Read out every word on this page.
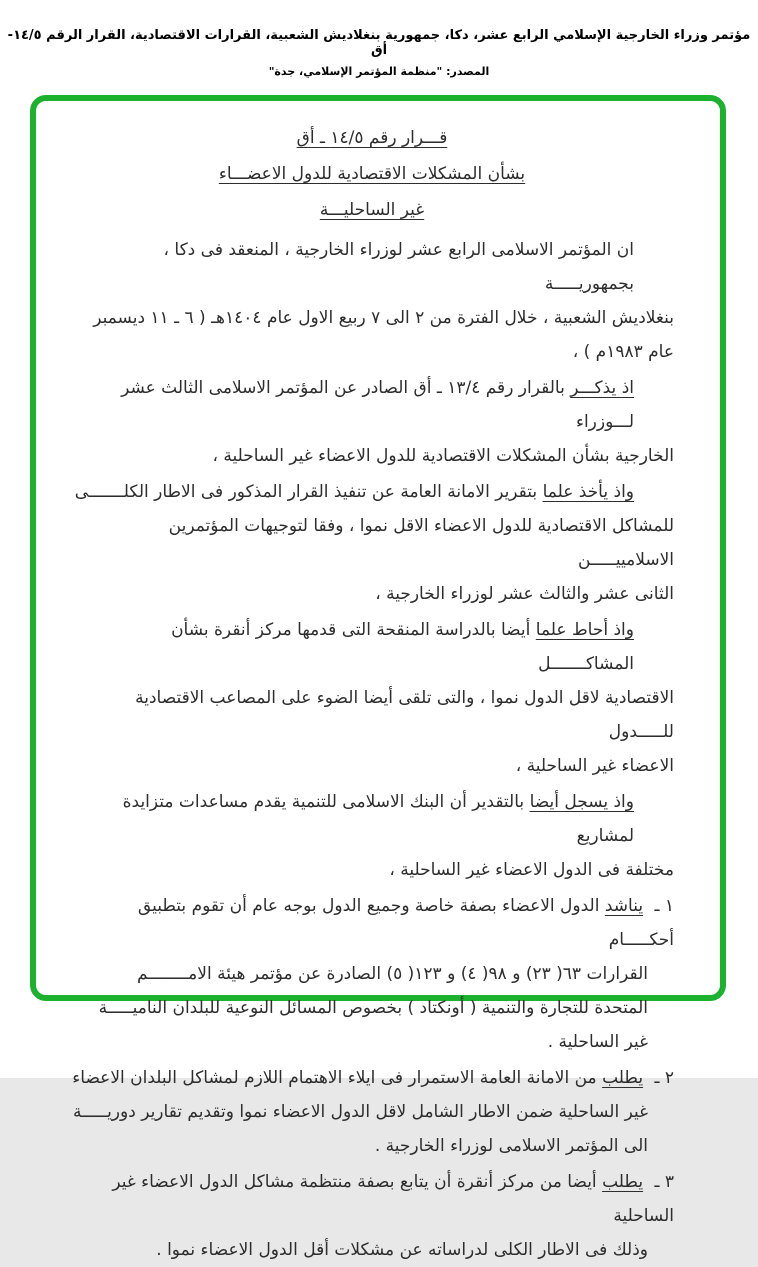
مؤتمر وزراء الخارجية الإسلامي الرابع عشر، دكا، جمهورية بنغلاديش الشعبية، القرارات الاقتصادية، القرار الرقم ١٤/٥-أق
المصدر: "منظمة المؤتمر الإسلامي، جدة"
قـــرار رقم ١٤/٥ ـ أق
بشأن المشكلات الاقتصادية للدول الاعضـــاء
غير الساحليـــة
ان المؤتمر الاسلامى الرابع عشر لوزراء الخارجية ، المنعقد فى دكا ، بجمهوريـــــة
بنغلاديش الشعبية ، خلال الفترة من ٢ الى ٧ ربيع الاول عام ١٤٠٤هـ ( ٦ ـ ١١ ديسمبر
عام ١٩٨٣م ) ،
اذ يذكـــر بالقرار رقم ١٣/٤ ـ أق الصادر عن المؤتمر الاسلامى الثالث عشر لـــوزراء
الخارجية بشأن المشكلات الاقتصادية للدول الاعضاء غير الساحلية ،
واذ يأخذ علما بتقرير الامانة العامة عن تنفيذ القرار المذكور فى الاطار الكلـــــــى
للمشاكل الاقتصادية للدول الاعضاء الاقل نموا ، وفقا لتوجيهات المؤتمرين الاسلامييـــــن
الثانى عشر والثالث عشر لوزراء الخارجية ،
واذ أحاط علما أيضا بالدراسة المنقحة التى قدمها مركز أنقرة بشأن المشاكـــــــل
الاقتصادية لاقل الدول نموا ، والتى تلقى أيضا الضوء على المصاعب الاقتصادية للـــــدول
الاعضاء غير الساحلية ،
واذ يسجل أيضا بالتقدير أن البنك الاسلامى للتنمية يقدم مساعدات متزايدة لمشاريع
مختلفة فى الدول الاعضاء غير الساحلية ،
١ ـ يناشد الدول الاعضاء بصفة خاصة وجميع الدول بوجه عام أن تقوم بتطبيق أحكـــــام
القرارات ٦٣( ٢٣) و ٩٨( ٤) و ١٢٣( ٥) الصادرة عن مؤتمر هيئة الامــــــــم
المتحدة للتجارة والتنمية ( أونكتاد ) بخصوص المسائل النوعية للبلدان الناميـــــة
غير الساحلية .
٢ ـ يطلب من الامانة العامة الاستمرار فى ايلاء الاهتمام اللازم لمشاكل البلدان الاعضاء
غير الساحلية ضمن الاطار الشامل لاقل الدول الاعضاء نموا وتقديم تقارير دوريـــــة
الى المؤتمر الاسلامى لوزراء الخارجية .
٣ ـ يطلب أيضا من مركز أنقرة أن يتابع بصفة منتظمة مشاكل الدول الاعضاء غير الساحلية
وذلك فى الاطار الكلى لدراساته عن مشكلات أقل الدول الاعضاء نموا .
